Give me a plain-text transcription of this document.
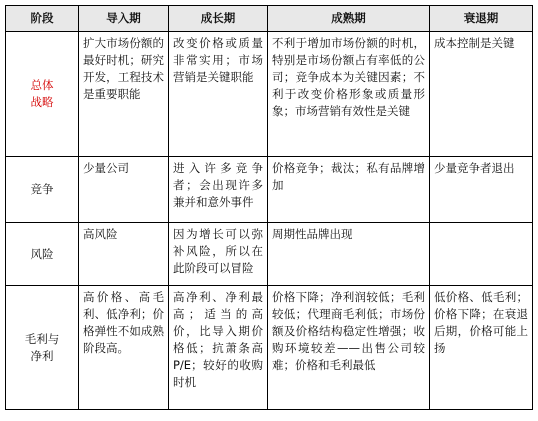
阶段	导入期	成长期	成熟期	衰退期
总体战略	扩大市场份额的最好时机；研究开发，工程技术是重要职能	改变价格或质量非常实用；市场营销是关键职能	不利于增加市场份额的时机，特别是市场份额占有率低的公司；竞争成本为关键因素；不利于改变价格形象或质量形象；市场营销有效性是关键	成本控制是关键
竞争	少量公司	进入许多竞争者；会出现许多兼并和意外事件	价格竞争；裁汰；私有品牌增加	少量竞争者退出
风险	高风险	因为增长可以弥补风险，所以在此阶段可以冒险	周期性品牌出现	
毛利与净利	高价格、高毛利、低净利；价格弹性不如成熟阶段高。	高净利、净利最高；适当的高价，比导入期价格低；抗萧条高P/E；较好的收购时机	价格下降；净利润较低；毛利较低；代理商毛利低；市场份额及价格结构稳定性增强；收购环境较差——出售公司较难；价格和毛利最低	低价格、低毛利；价格下降；在衰退后期，价格可能上扬
